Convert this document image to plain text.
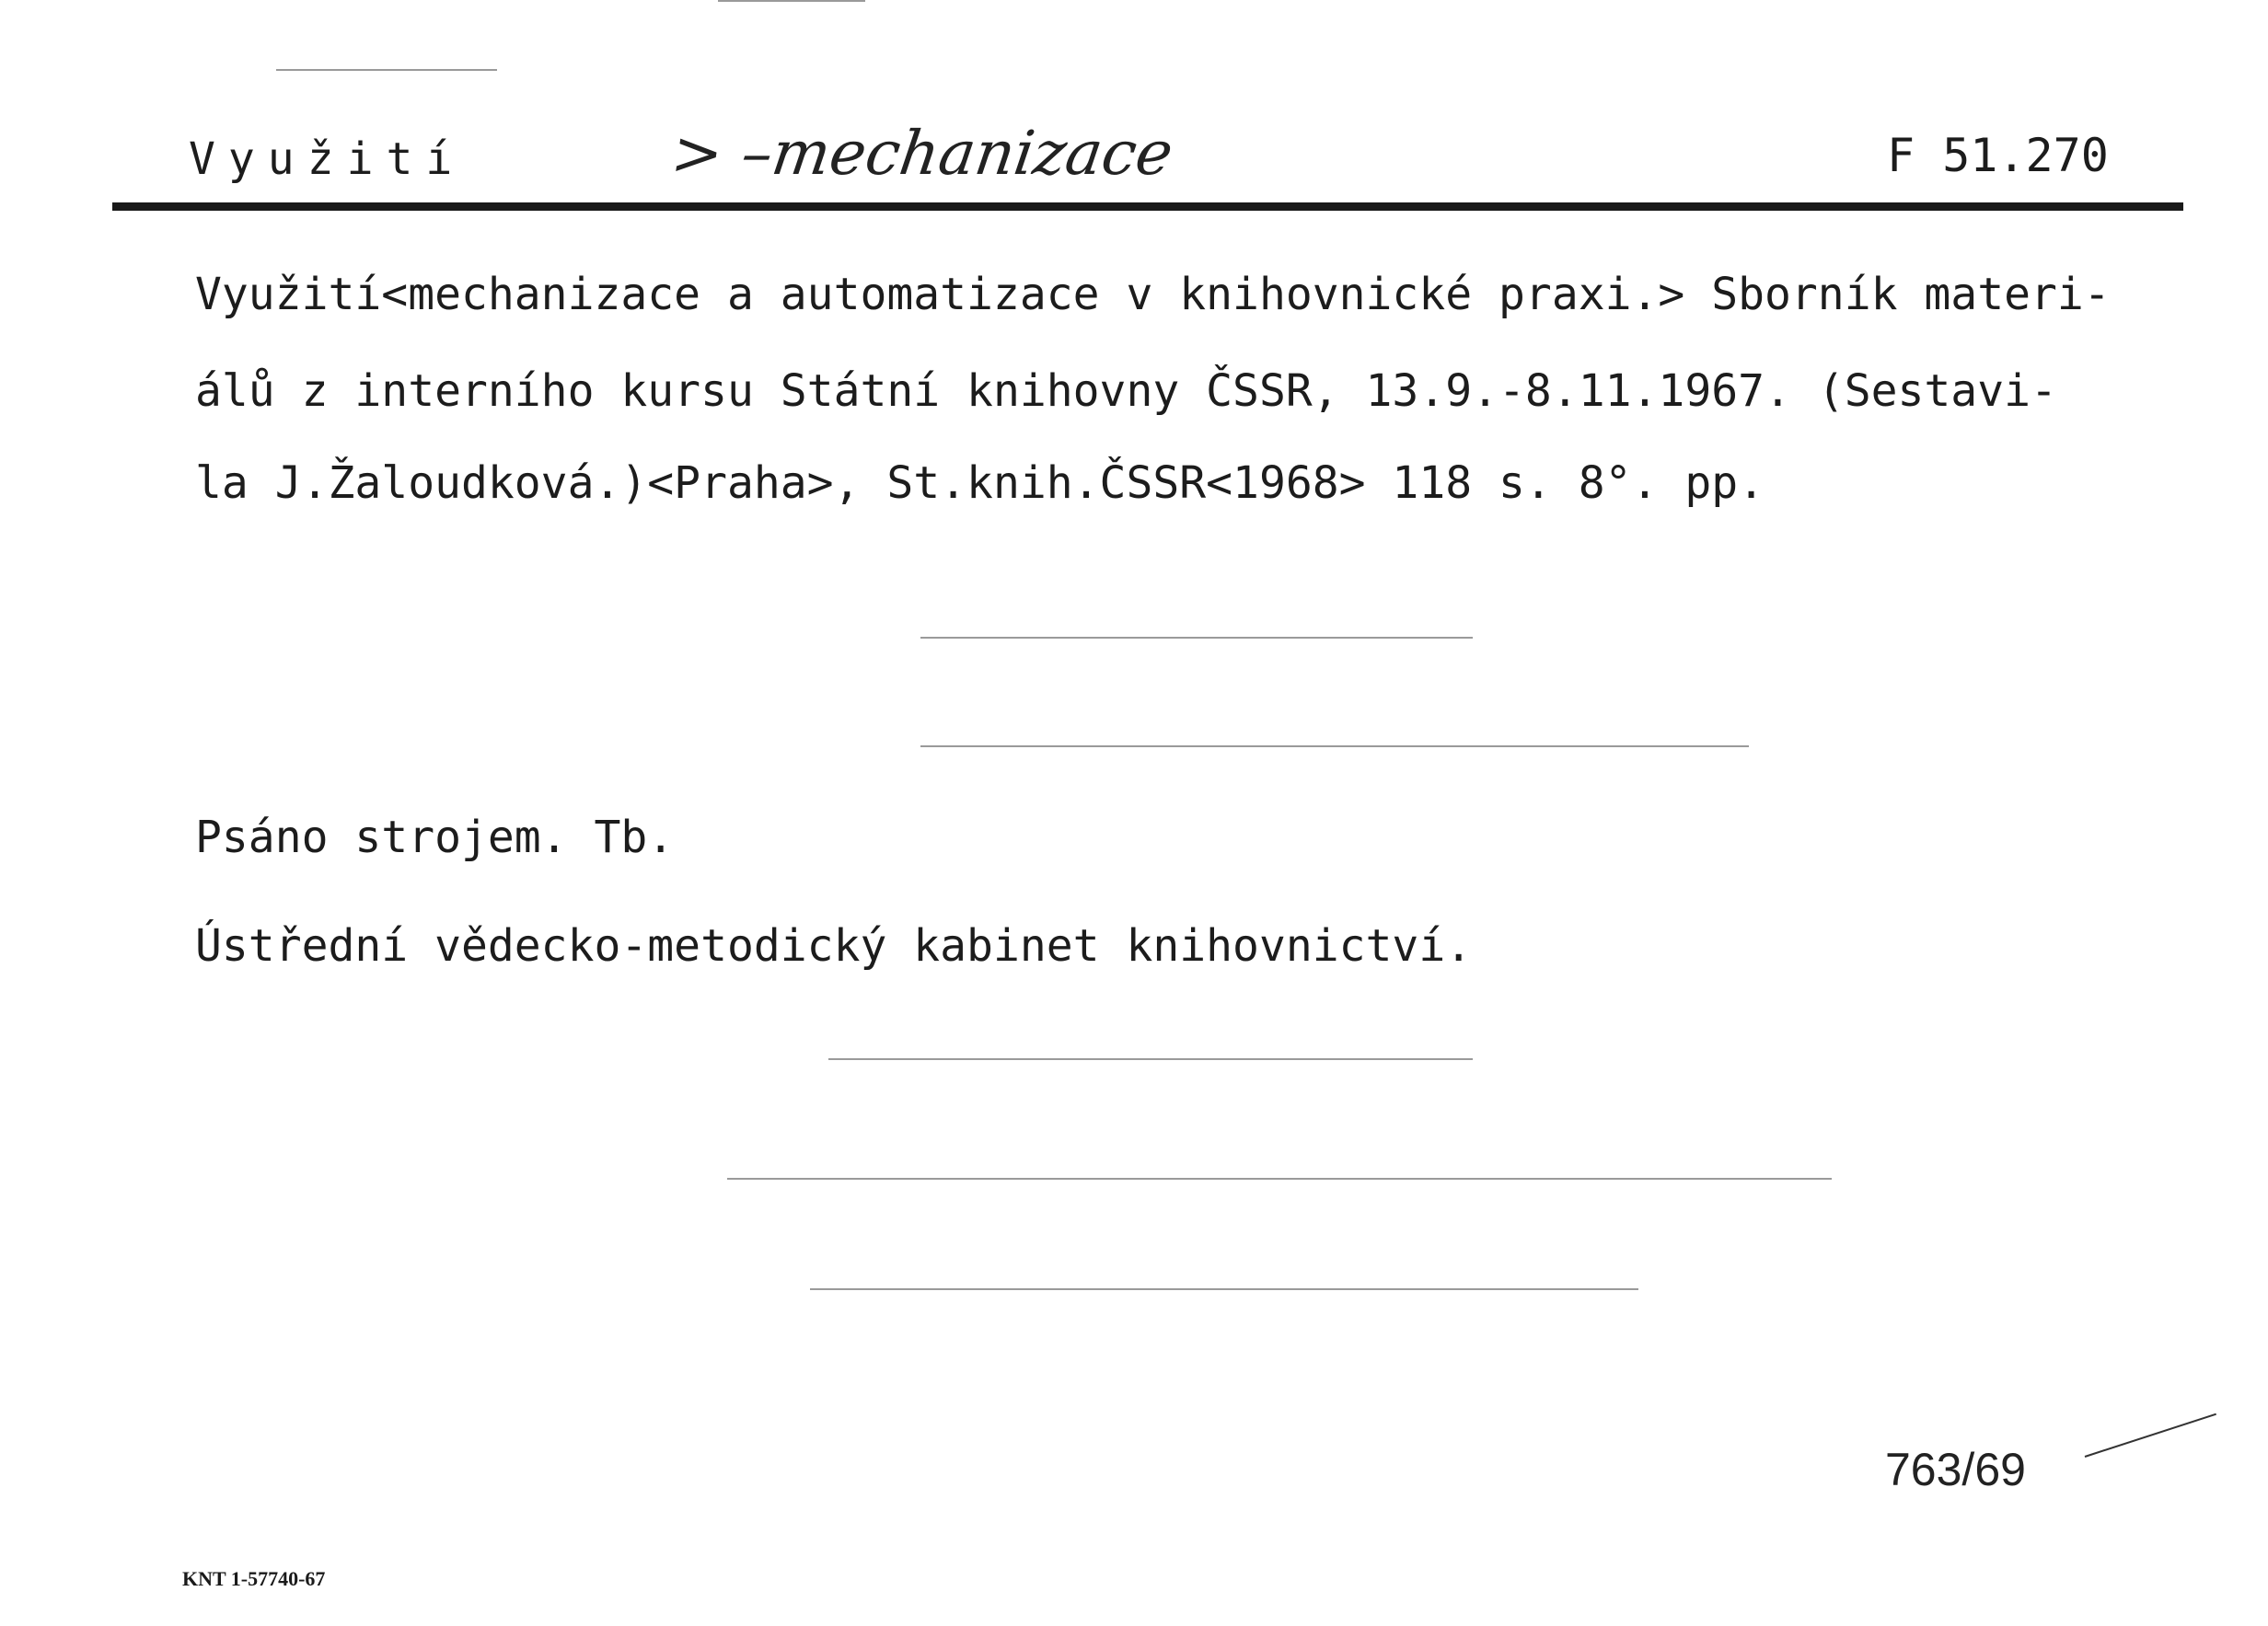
Využití	> –mechanizace	F 51.270
Využití<mechanizace a automatizace v knihovnické praxi.> Sborník materi-
álů z interního kursu Státní knihovny ČSSR, 13.9.-8.11.1967. (Sestavi-
la J.Žaloudková.)<Praha>, St.knih.ČSSR<1968> 118 s. 8°. pp.
Psáno strojem. Tb.
Ústřední vědecko-metodický kabinet knihovnictví.
763/69
KNT 1-57740-67
